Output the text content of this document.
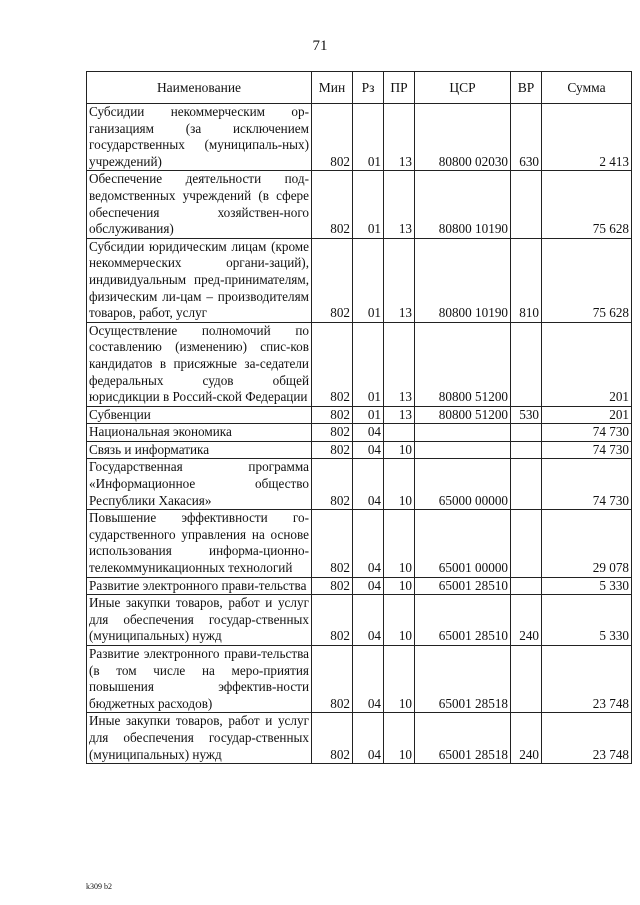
71
Наименование	Мин	Рз	ПР	ЦСР	ВР	Сумма
Субсидии некоммерческим ор-ганизациям (за исключением государственных (муниципаль-ных) учреждений)	802	01	13	80800 02030	630	2 413
Обеспечение деятельности под-ведомственных учреждений (в сфере обеспечения хозяйствен-ного обслуживания)	802	01	13	80800 10190		75 628
Субсидии юридическим лицам (кроме некоммерческих органи-заций), индивидуальным пред-принимателям, физическим ли-цам – производителям товаров, работ, услуг	802	01	13	80800 10190	810	75 628
Осуществление полномочий по составлению (изменению) спис-ков кандидатов в присяжные за-седатели федеральных судов общей юрисдикции в Россий-ской Федерации	802	01	13	80800 51200		201
Субвенции	802	01	13	80800 51200	530	201
Национальная экономика	802	04				74 730
Связь и информатика	802	04	10			74 730
Государственная программа «Информационное общество Республики Хакасия»	802	04	10	65000 00000		74 730
Повышение эффективности го-сударственного управления на основе использования информа-ционно-телекоммуникационных технологий	802	04	10	65001 00000		29 078
Развитие электронного прави-тельства	802	04	10	65001 28510		5 330
Иные закупки товаров, работ и услуг для обеспечения государ-ственных (муниципальных) нужд	802	04	10	65001 28510	240	5 330
Развитие электронного прави-тельства (в том числе на меро-приятия повышения эффектив-ности бюджетных расходов)	802	04	10	65001 28518		23 748
Иные закупки товаров, работ и услуг для обеспечения государ-ственных (муниципальных) нужд	802	04	10	65001 28518	240	23 748
k309 b2
